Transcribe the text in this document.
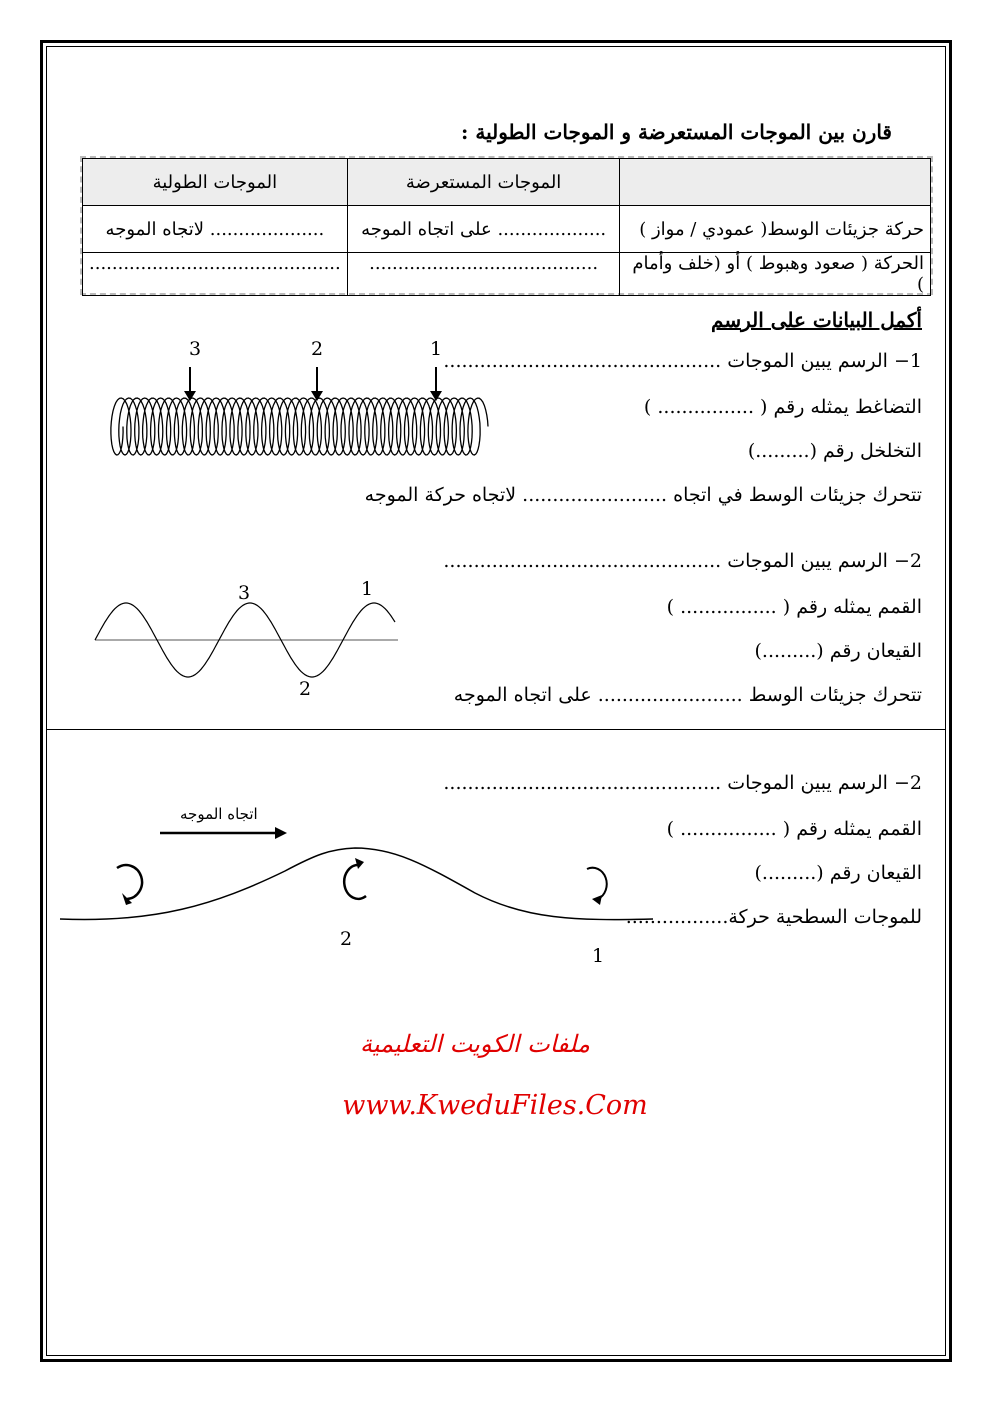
قارن بين الموجات المستعرضة و الموجات الطولية :
	الموجات المستعرضة	الموجات الطولية
حركة جزيئات الوسط( عمودي / مواز )	................... على اتجاه الموجه	.................... لاتجاه الموجه
الحركة ( صعود وهبوط ) أو (خلف وأمام )	........................................	............................................
أكمل البيانات على الرسم
1− الرسم يبين الموجات ..............................................
التضاغط يمثله رقم ( ................ )
التخلخل رقم (.........)
تتحرك جزيئات الوسط في اتجاه ........................ لاتجاه حركة الموجه
3	2	1
2− الرسم يبين الموجات ..............................................
القمم يمثله رقم ( ................ )
القيعان رقم (.........)
تتحرك جزيئات الوسط ........................ على اتجاه الموجه
3	1
2
2− الرسم يبين الموجات ..............................................
القمم يمثله رقم ( ................ )
القيعان رقم (.........)
للموجات السطحية حركة.................
اتجاه الموجه
2
1
ملفات الكويت التعليمية
www.KweduFiles.Com
